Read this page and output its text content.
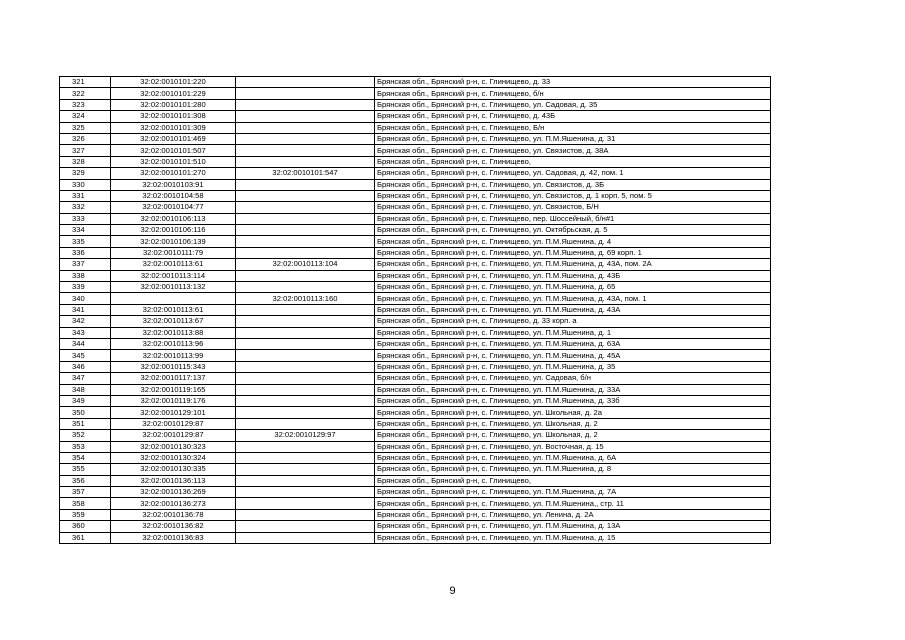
321	32:02:0010101:220		Брянская обл., Брянский р-н, с. Глинищево, д. 33
322	32:02:0010101:229		Брянская обл., Брянский р-н, с. Глинищево, б/н
323	32:02:0010101:280		Брянская обл., Брянский р-н, с. Глинищево, ул. Садовая, д. 35
324	32:02:0010101:308		Брянская обл., Брянский р-н, с. Глинищево, д. 43Б
325	32:02:0010101:309		Брянская обл., Брянский р-н, с. Глинищево, Б/н
326	32:02:0010101:469		Брянская обл., Брянский р-н, с. Глинищево, ул. П.М.Яшенина, д. 31
327	32:02:0010101:507		Брянская обл., Брянский р-н, с. Глинищево, ул. Связистов, д. 38А
328	32:02:0010101:510		Брянская обл., Брянский р-н, с. Глинищево,
329	32:02:0010101:270	32:02:0010101:547	Брянская обл., Брянский р-н, с. Глинищево, ул. Садовая, д. 42, пом. 1
330	32:02:0010103:91		Брянская обл., Брянский р-н, с. Глинищево, ул. Связистов, д. 3Б
331	32:02:0010104:58		Брянская обл., Брянский р-н, с. Глинищево, ул. Связистов, д. 1 корп. 5, пом. 5
332	32:02:0010104:77		Брянская обл., Брянский р-н, с. Глинищево, ул. Связистов, Б/Н
333	32:02:0010106:113		Брянская обл., Брянский р-н, с. Глинищево, пер. Шоссейный, б/н#1
334	32:02:0010106:116		Брянская обл., Брянский р-н, с. Глинищево, ул. Октябрьская, д. 5
335	32:02:0010106:139		Брянская обл., Брянский р-н, с. Глинищево, ул. П.М.Яшенина, д. 4
336	32:02:0010111:79		Брянская обл., Брянский р-н, с. Глинищево, ул. П.М.Яшенина, д. 69 корп. 1
337	32:02:0010113:61	32:02:0010113:104	Брянская обл., Брянский р-н, с. Глинищево, ул. П.М.Яшенина, д. 43А, пом. 2А
338	32:02:0010113:114		Брянская обл., Брянский р-н, с. Глинищево, ул. П.М.Яшенина, д. 43Б
339	32:02:0010113:132		Брянская обл., Брянский р-н, с. Глинищево, ул. П.М.Яшенина, д. 65
340		32:02:0010113:160	Брянская обл., Брянский р-н, с. Глинищево, ул. П.М.Яшенина, д. 43А, пом. 1
341	32:02:0010113:61		Брянская обл., Брянский р-н, с. Глинищево, ул. П.М.Яшенина, д. 43А
342	32:02:0010113:67		Брянская обл., Брянский р-н, с. Глинищево, д. 33 корп. а
343	32:02:0010113:88		Брянская обл., Брянский р-н, с. Глинищево, ул. П.М.Яшенина, д. 1
344	32:02:0010113:96		Брянская обл., Брянский р-н, с. Глинищево, ул. П.М.Яшенина, д. 63А
345	32:02:0010113:99		Брянская обл., Брянский р-н, с. Глинищево, ул. П.М.Яшенина, д. 45А
346	32:02:0010115:343		Брянская обл., Брянский р-н, с. Глинищево, ул. П.М.Яшенина, д. 35
347	32:02:0010117:137		Брянская обл., Брянский р-н, с. Глинищево, ул. Садовая, б/н
348	32:02:0010119:165		Брянская обл., Брянский р-н, с. Глинищево, ул. П.М.Яшенина, д. 33А
349	32:02:0010119:176		Брянская обл., Брянский р-н, с. Глинищево, ул. П.М.Яшенина, д. 33б
350	32:02:0010129:101		Брянская обл., Брянский р-н, с. Глинищево, ул. Школьная, д. 2а
351	32:02:0010129:87		Брянская обл., Брянский р-н, с. Глинищево, ул. Школьная, д. 2
352	32:02:0010129:87	32:02:0010129:97	Брянская обл., Брянский р-н, с. Глинищево, ул. Школьная, д. 2
353	32:02:0010130:323		Брянская обл., Брянский р-н, с. Глинищево, ул. Восточная, д. 15
354	32:02:0010130:324		Брянская обл., Брянский р-н, с. Глинищево, ул. П.М.Яшенина, д. 6А
355	32:02:0010130:335		Брянская обл., Брянский р-н, с. Глинищево, ул. П.М.Яшенина, д. 8
356	32:02:0010136:113		Брянская обл., Брянский р-н, с. Глинищево,
357	32:02:0010136:269		Брянская обл., Брянский р-н, с. Глинищево, ул. П.М.Яшенина, д. 7А
358	32:02:0010136:273		Брянская обл., Брянский р-н, с. Глинищево, ул. П.М.Яшенина,, стр. 11
359	32:02:0010136:78		Брянская обл., Брянский р-н, с. Глинищево, ул. Ленина, д. 2А
360	32:02:0010136:82		Брянская обл., Брянский р-н, с. Глинищево, ул. П.М.Яшенина, д. 13А
361	32:02:0010136:83		Брянская обл., Брянский р-н, с. Глинищево, ул. П.М.Яшенина, д. 15
9
